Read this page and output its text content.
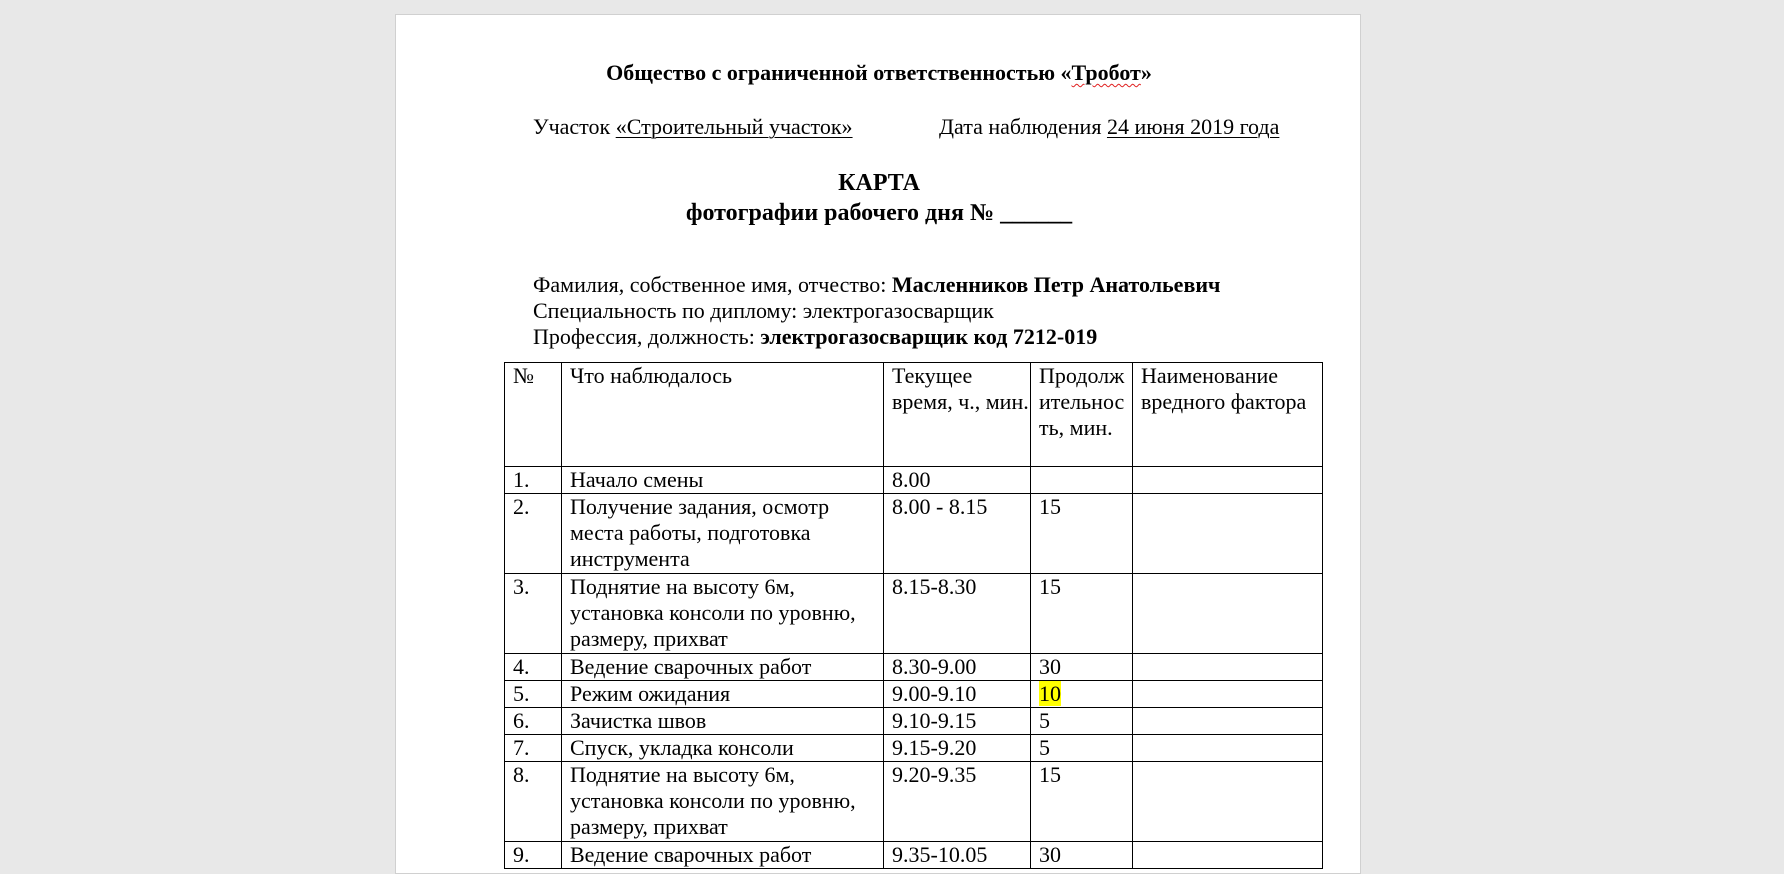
Общество с ограниченной ответственностью «Тробот»
Участок «Строительный участок»	Дата наблюдения 24 июня 2019 года
КАРТА
фотографии рабочего дня № ______
Фамилия, собственное имя, отчество: Масленников Петр Анатольевич
Специальность по диплому: электрогазосварщик
Профессия, должность: электрогазосварщик код 7212-019
№	Что наблюдалось	Текущее время, ч., мин.	Продолжительность, мин.	Наименование вредного фактора
1.	Начало смены	8.00		
2.	Получение задания, осмотр места работы, подготовка инструмента	8.00 - 8.15	15	
3.	Поднятие на высоту 6м, установка консоли по уровню, размеру, прихват	8.15-8.30	15	
4.	Ведение сварочных работ	8.30-9.00	30	
5.	Режим ожидания	9.00-9.10	10	
6.	Зачистка швов	9.10-9.15	5	
7.	Спуск, укладка консоли	9.15-9.20	5	
8.	Поднятие на высоту 6м, установка консоли по уровню, размеру, прихват	9.20-9.35	15	
9.	Ведение сварочных работ	9.35-10.05	30	
